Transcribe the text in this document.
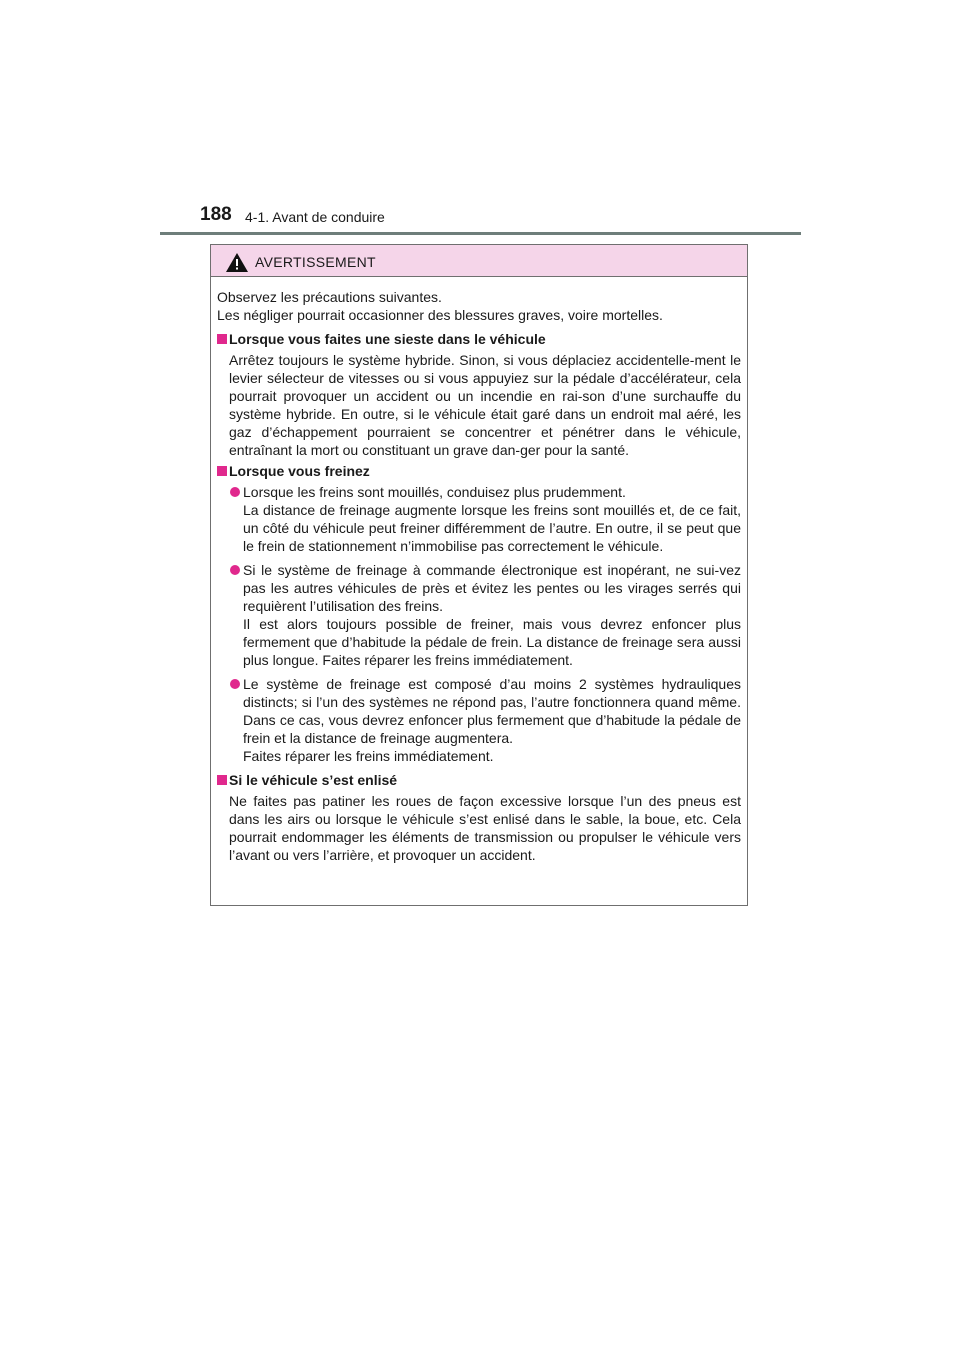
188 4-1. Avant de conduire
AVERTISSEMENT

Observez les précautions suivantes.

Les négliger pourrait occasionner des blessures graves, voire mortelles.

Lorsque vous faites une sieste dans le véhicule

Arrêtez toujours le système hybride. Sinon, si vous déplaciez accidentelle-ment le levier sélecteur de vitesses ou si vous appuyiez sur la pédale d’accélérateur, cela pourrait provoquer un accident ou un incendie en rai-son d’une surchauffe du système hybride. En outre, si le véhicule était garé dans un endroit mal aéré, les gaz d’échappement pourraient se concentrer et pénétrer dans le véhicule, entraînant la mort ou constituant un grave dan-ger pour la santé.

Lorsque vous freinez

Lorsque les freins sont mouillés, conduisez plus prudemment.

La distance de freinage augmente lorsque les freins sont mouillés et, de ce fait, un côté du véhicule peut freiner différemment de l’autre. En outre, il se peut que le frein de stationnement n’immobilise pas correctement le véhicule.

Si le système de freinage à commande électronique est inopérant, ne sui-vez pas les autres véhicules de près et évitez les pentes ou les virages serrés qui requièrent l’utilisation des freins.

Il est alors toujours possible de freiner, mais vous devrez enfoncer plus fermement que d’habitude la pédale de frein. La distance de freinage sera aussi plus longue. Faites réparer les freins immédiatement.

Le système de freinage est composé d’au moins 2 systèmes hydrauliques distincts; si l’un des systèmes ne répond pas, l’autre fonctionnera quand même. Dans ce cas, vous devrez enfoncer plus fermement que d’habitude la pédale de frein et la distance de freinage augmentera.

Faites réparer les freins immédiatement.

Si le véhicule s’est enlisé

Ne faites pas patiner les roues de façon excessive lorsque l’un des pneus est dans les airs ou lorsque le véhicule s’est enlisé dans le sable, la boue, etc. Cela pourrait endommager les éléments de transmission ou propulser le véhicule vers l’avant ou vers l’arrière, et provoquer un accident.
